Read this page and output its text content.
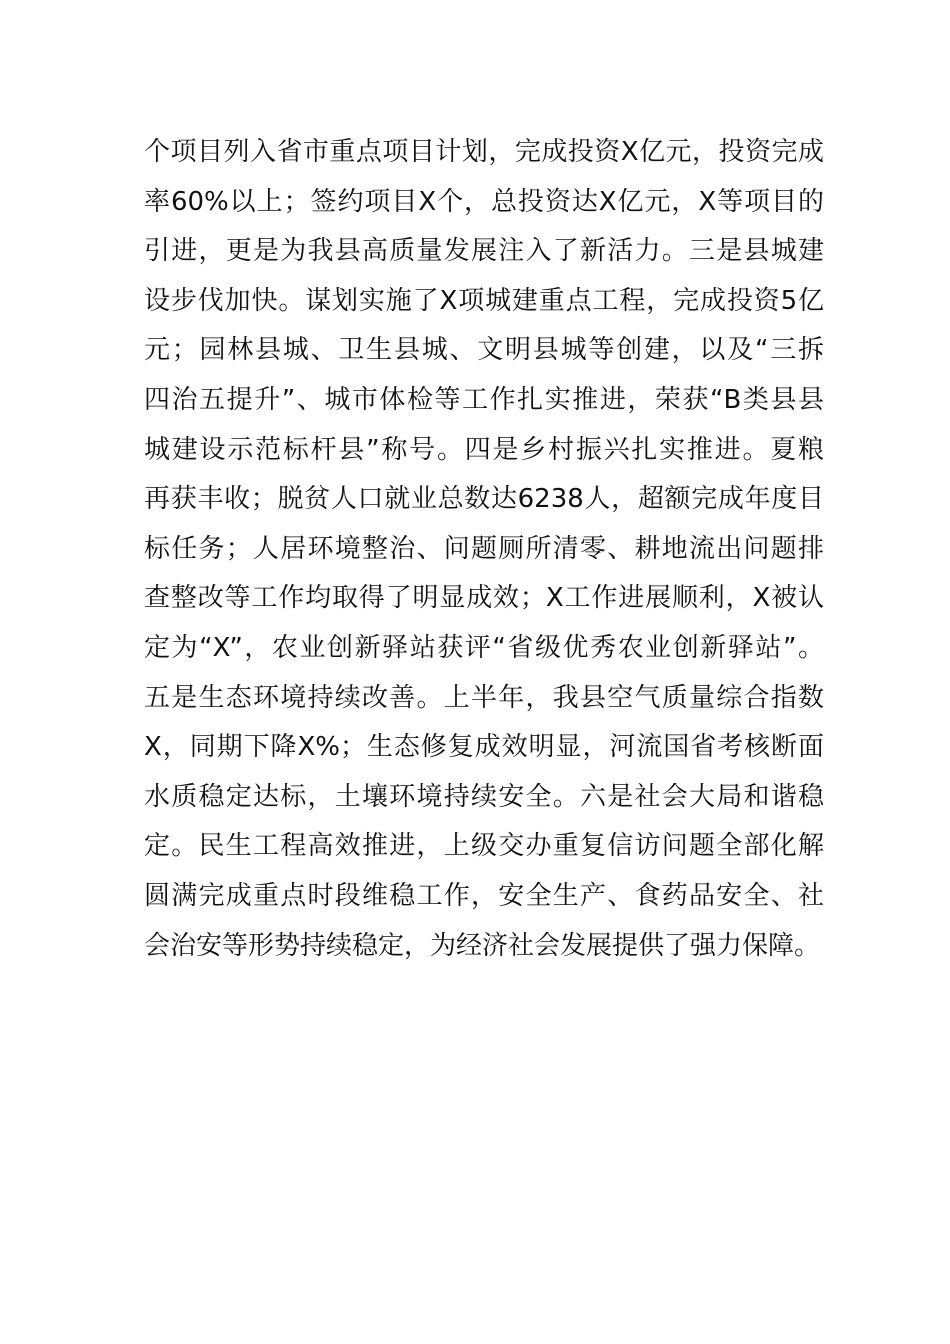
个项目列入省市重点项目计划，完成投资X亿元，投资完成
率60%以上；签约项目X个，总投资达X亿元，X等项目的
引进，更是为我县高质量发展注入了新活力。三是县城建
设步伐加快。谋划实施了X项城建重点工程，完成投资5亿
元；园林县城、卫生县城、文明县城等创建，以及“三拆
四治五提升”、城市体检等工作扎实推进，荣获“B类县县
城建设示范标杆县”称号。四是乡村振兴扎实推进。夏粮
再获丰收；脱贫人口就业总数达6238人，超额完成年度目
标任务；人居环境整治、问题厕所清零、耕地流出问题排
查整改等工作均取得了明显成效；X工作进展顺利，X被认
定为“X”，农业创新驿站获评“省级优秀农业创新驿站”。
五是生态环境持续改善。上半年，我县空气质量综合指数
X，同期下降X%；生态修复成效明显，河流国省考核断面
水质稳定达标，土壤环境持续安全。六是社会大局和谐稳
定。民生工程高效推进，上级交办重复信访问题全部化解
圆满完成重点时段维稳工作，安全生产、食药品安全、社
会治安等形势持续稳定，为经济社会发展提供了强力保障。
